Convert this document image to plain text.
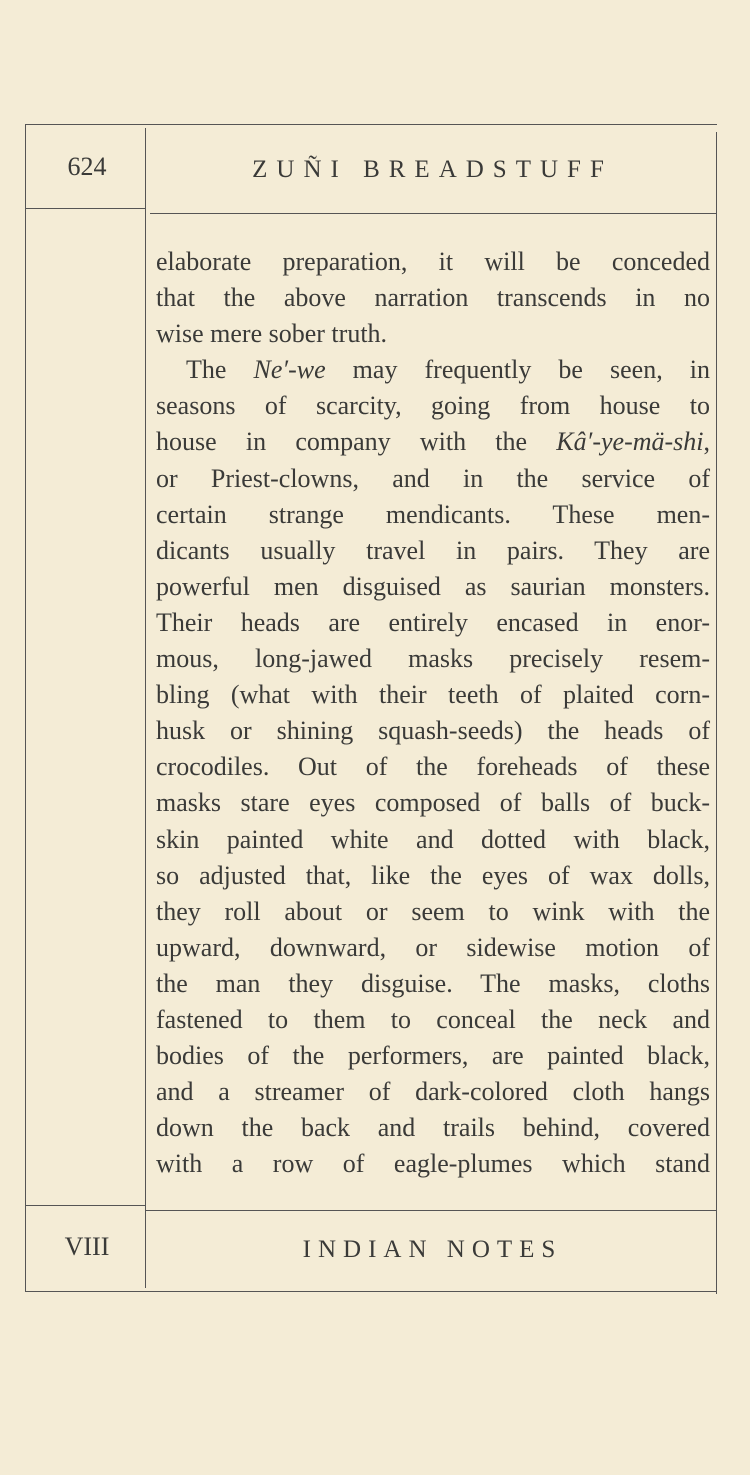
624	ZUÑI BREADSTUFF
elaborate preparation, it will be conceded
that the above narration transcends in no
wise mere sober truth.
The Ne′-we may frequently be seen, in
seasons of scarcity, going from house to
house in company with the Kâ′-ye-mä-shi,
or Priest-clowns, and in the service of
certain strange mendicants. These men-
dicants usually travel in pairs. They are
powerful men disguised as saurian monsters.
Their heads are entirely encased in enor-
mous, long-jawed masks precisely resem-
bling (what with their teeth of plaited corn-
husk or shining squash-seeds) the heads of
crocodiles. Out of the foreheads of these
masks stare eyes composed of balls of buck-
skin painted white and dotted with black,
so adjusted that, like the eyes of wax dolls,
they roll about or seem to wink with the
upward, downward, or sidewise motion of
the man they disguise. The masks, cloths
fastened to them to conceal the neck and
bodies of the performers, are painted black,
and a streamer of dark-colored cloth hangs
down the back and trails behind, covered
with a row of eagle-plumes which stand
VIII	INDIAN NOTES
